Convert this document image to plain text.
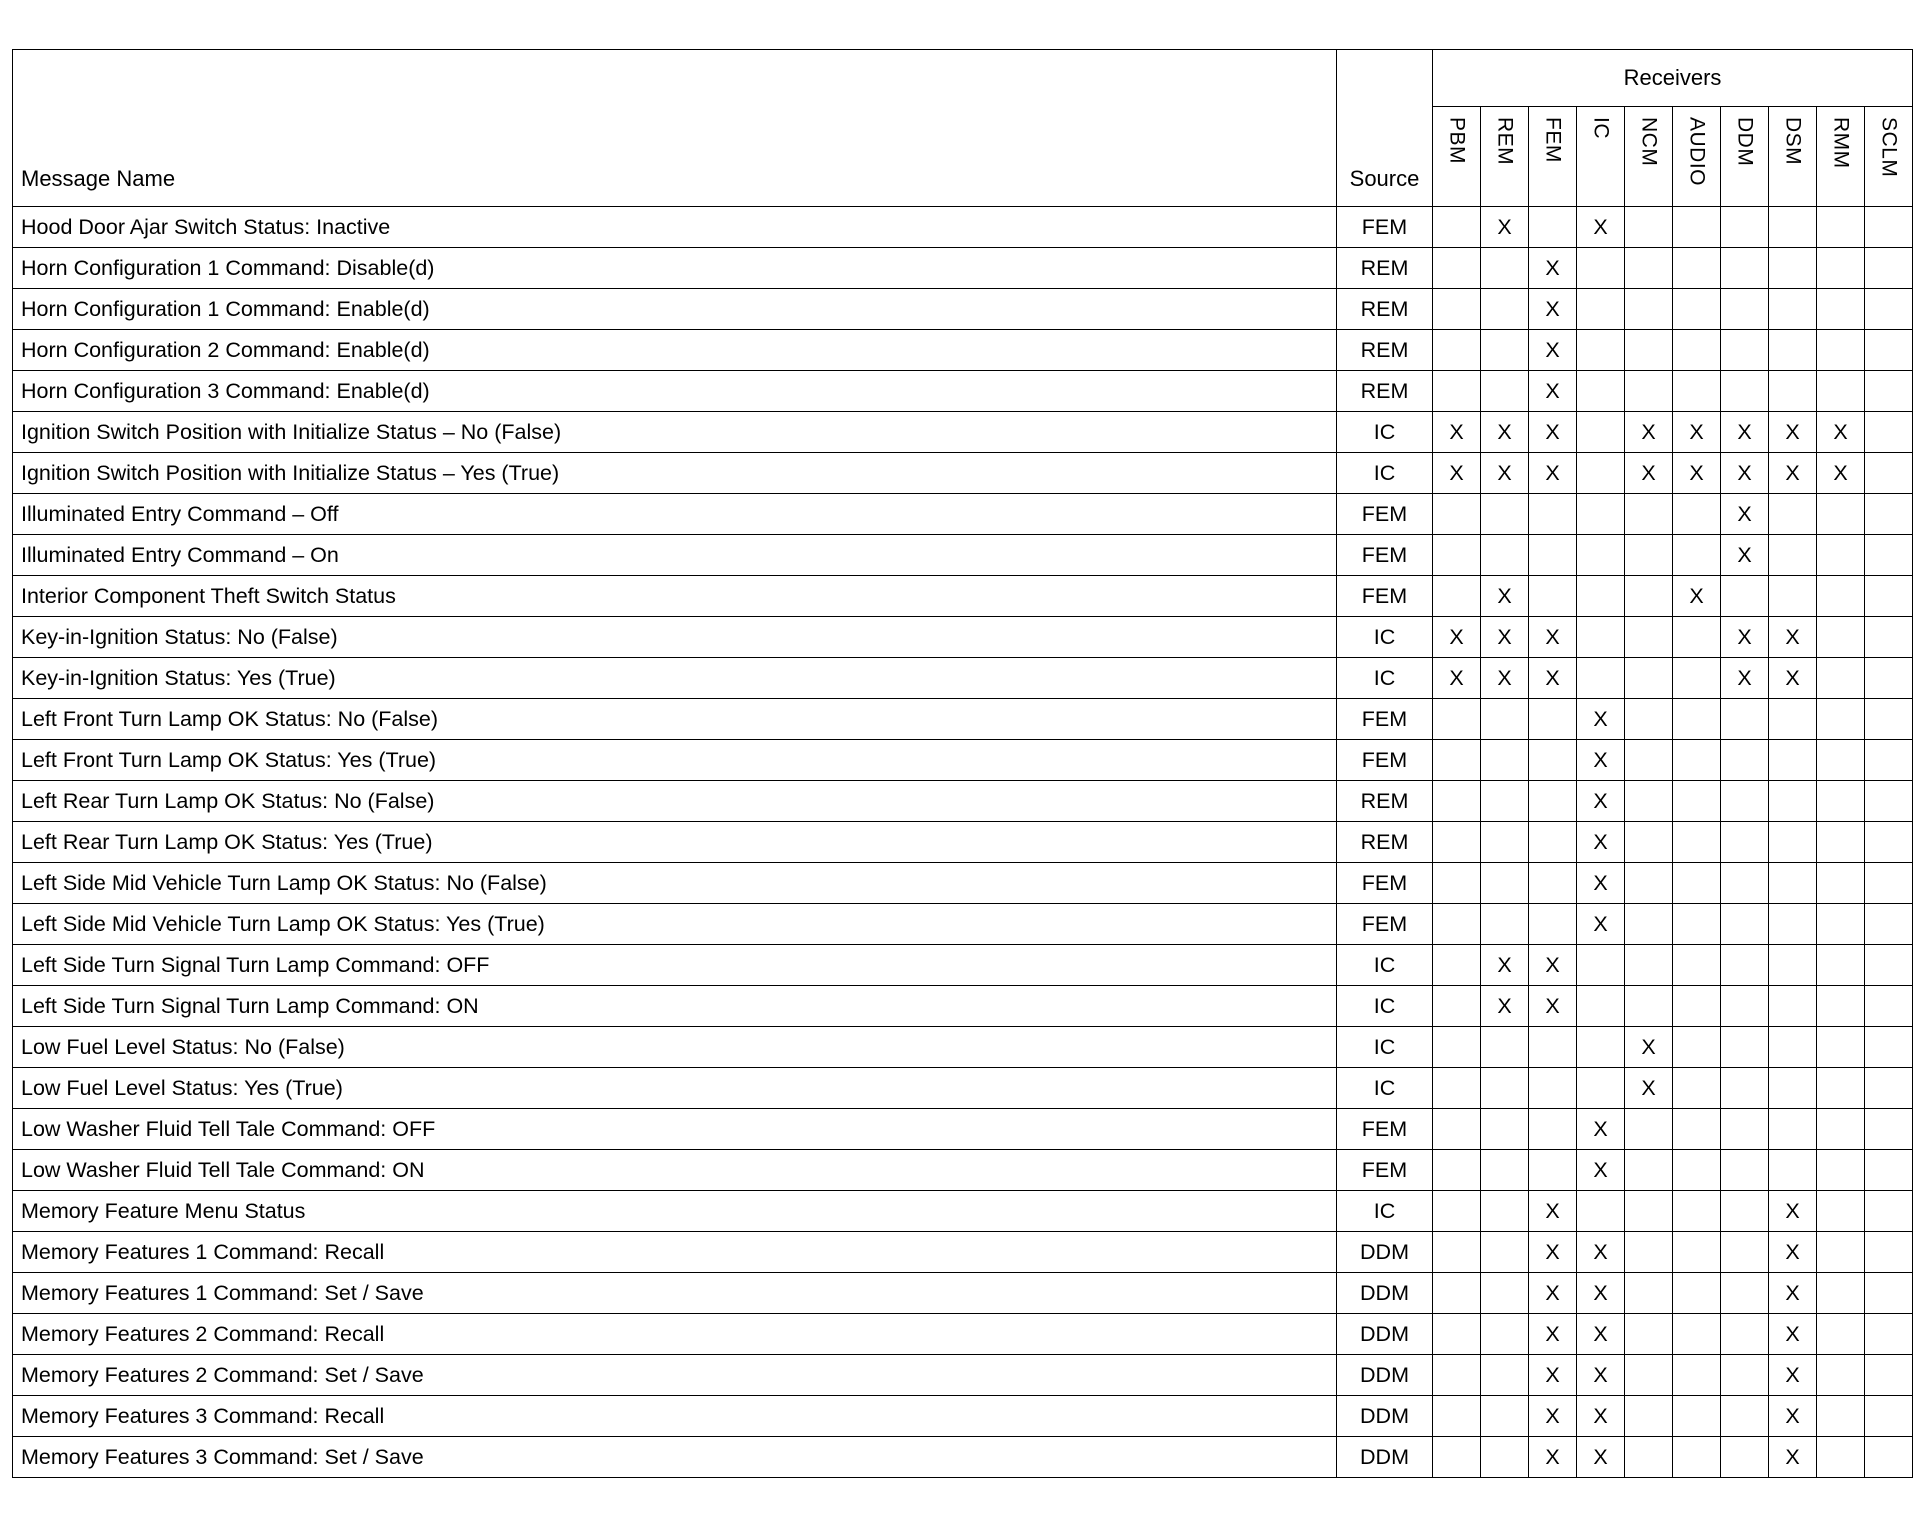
Message Name	Source	Receivers									
		PBM	REM	FEM	IC	NCM	AUDIO	DDM	DSM	RMM	SCLM
Hood Door Ajar Switch Status: Inactive	FEM		X		X						
Horn Configuration 1 Command: Disable(d)	REM			X							
Horn Configuration 1 Command: Enable(d)	REM			X							
Horn Configuration 2 Command: Enable(d)	REM			X							
Horn Configuration 3 Command: Enable(d)	REM			X							
Ignition Switch Position with Initialize Status – No (False)	IC	X	X	X		X	X	X	X	X	
Ignition Switch Position with Initialize Status – Yes (True)	IC	X	X	X		X	X	X	X	X	
Illuminated Entry Command – Off	FEM							X			
Illuminated Entry Command – On	FEM							X			
Interior Component Theft Switch Status	FEM		X				X				
Key-in-Ignition Status: No (False)	IC	X	X	X				X	X		
Key-in-Ignition Status: Yes (True)	IC	X	X	X				X	X		
Left Front Turn Lamp OK Status: No (False)	FEM				X						
Left Front Turn Lamp OK Status: Yes (True)	FEM				X						
Left Rear Turn Lamp OK Status: No (False)	REM				X						
Left Rear Turn Lamp OK Status: Yes (True)	REM				X						
Left Side Mid Vehicle Turn Lamp OK Status: No (False)	FEM				X						
Left Side Mid Vehicle Turn Lamp OK Status: Yes (True)	FEM				X						
Left Side Turn Signal Turn Lamp Command: OFF	IC		X	X							
Left Side Turn Signal Turn Lamp Command: ON	IC		X	X							
Low Fuel Level Status: No (False)	IC					X					
Low Fuel Level Status: Yes (True)	IC					X					
Low Washer Fluid Tell Tale Command: OFF	FEM				X						
Low Washer Fluid Tell Tale Command: ON	FEM				X						
Memory Feature Menu Status	IC			X					X		
Memory Features 1 Command: Recall	DDM			X	X				X		
Memory Features 1 Command: Set / Save	DDM			X	X				X		
Memory Features 2 Command: Recall	DDM			X	X				X		
Memory Features 2 Command: Set / Save	DDM			X	X				X		
Memory Features 3 Command: Recall	DDM			X	X				X		
Memory Features 3 Command: Set / Save	DDM			X	X				X		
